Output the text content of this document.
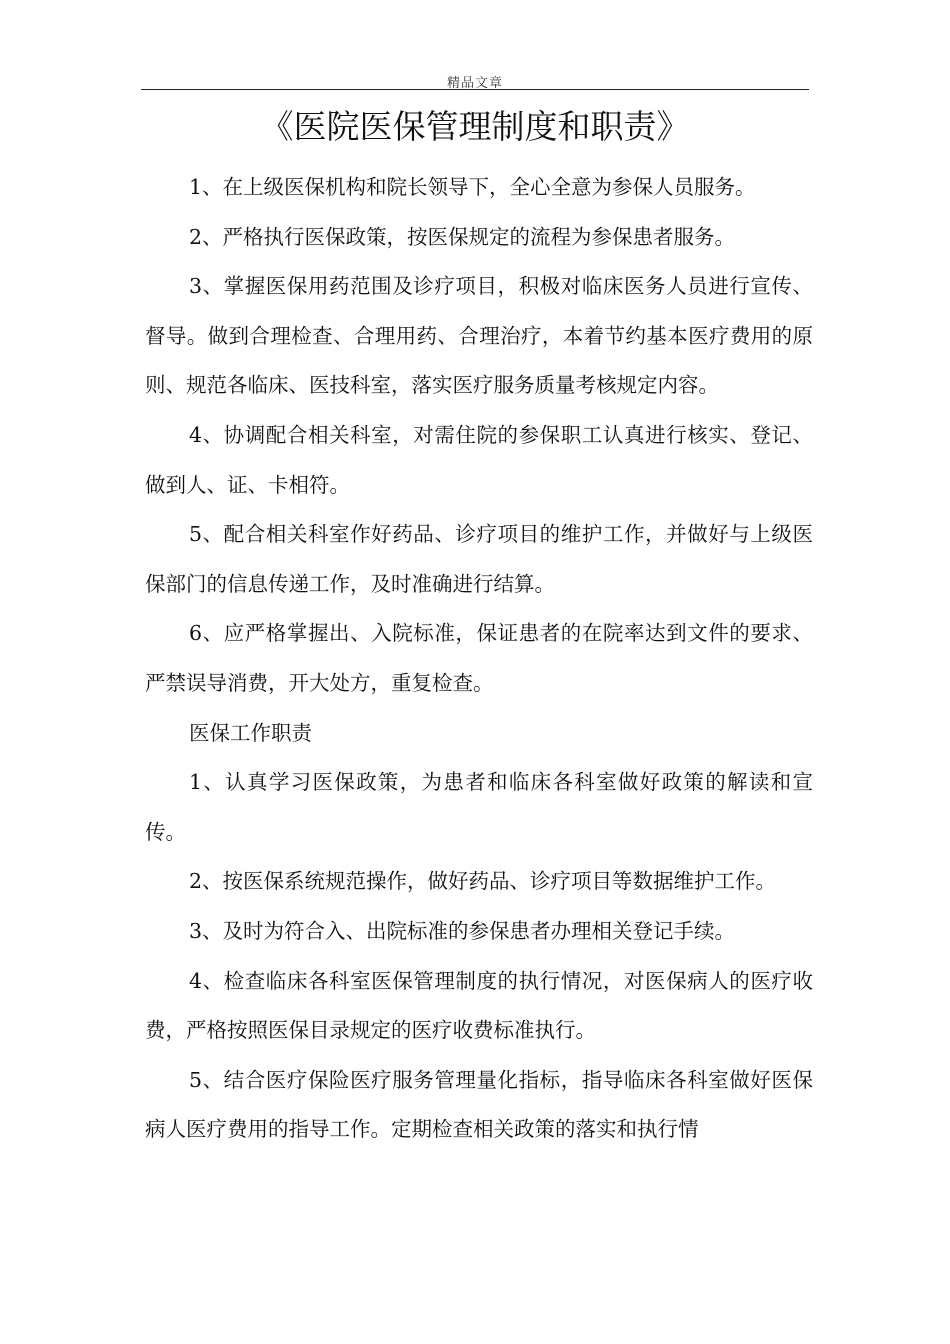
精品文章
《医院医保管理制度和职责》

1、在上级医保机构和院长领导下，全心全意为参保人员服务。

2、严格执行医保政策，按医保规定的流程为参保患者服务。

3、掌握医保用药范围及诊疗项目，积极对临床医务人员进行宣传、督导。做到合理检查、合理用药、合理治疗，本着节约基本医疗费用的原则、规范各临床、医技科室，落实医疗服务质量考核规定内容。

4、协调配合相关科室，对需住院的参保职工认真进行核实、登记、做到人、证、卡相符。

5、配合相关科室作好药品、诊疗项目的维护工作，并做好与上级医保部门的信息传递工作，及时准确进行结算。

6、应严格掌握出、入院标准，保证患者的在院率达到文件的要求、严禁误导消费，开大处方，重复检查。

医保工作职责

1、认真学习医保政策，为患者和临床各科室做好政策的解读和宣传。

2、按医保系统规范操作，做好药品、诊疗项目等数据维护工作。

3、及时为符合入、出院标准的参保患者办理相关登记手续。

4、检查临床各科室医保管理制度的执行情况，对医保病人的医疗收费，严格按照医保目录规定的医疗收费标准执行。

5、结合医疗保险医疗服务管理量化指标，指导临床各科室做好医保病人医疗费用的指导工作。定期检查相关政策的落实和执行情
